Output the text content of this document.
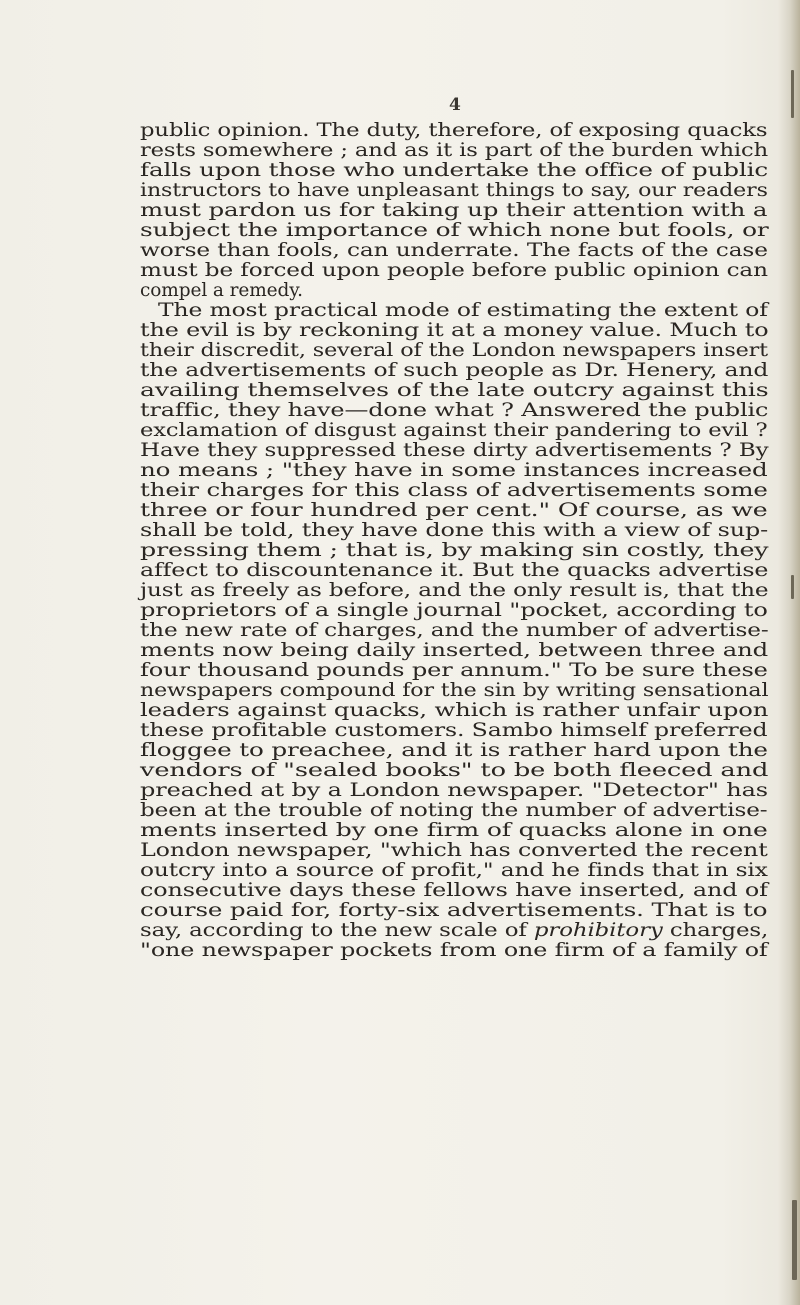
4
public opinion. The duty, therefore, of exposing quacks
rests somewhere ; and as it is part of the burden which
falls upon those who undertake the office of public
instructors to have unpleasant things to say, our readers
must pardon us for taking up their attention with a
subject the importance of which none but fools, or
worse than fools, can underrate. The facts of the case
must be forced upon people before public opinion can
compel a remedy.
The most practical mode of estimating the extent of
the evil is by reckoning it at a money value. Much to
their discredit, several of the London newspapers insert
the advertisements of such people as Dr. Henery, and
availing themselves of the late outcry against this
traffic, they have—done what ? Answered the public
exclamation of disgust against their pandering to evil ?
Have they suppressed these dirty advertisements ? By
no means ; "they have in some instances increased
their charges for this class of advertisements some
three or four hundred per cent." Of course, as we
shall be told, they have done this with a view of sup-
pressing them ; that is, by making sin costly, they
affect to discountenance it. But the quacks advertise
just as freely as before, and the only result is, that the
proprietors of a single journal "pocket, according to
the new rate of charges, and the number of advertise-
ments now being daily inserted, between three and
four thousand pounds per annum." To be sure these
newspapers compound for the sin by writing sensational
leaders against quacks, which is rather unfair upon
these profitable customers. Sambo himself preferred
floggee to preachee, and it is rather hard upon the
vendors of "sealed books" to be both fleeced and
preached at by a London newspaper. "Detector" has
been at the trouble of noting the number of advertise-
ments inserted by one firm of quacks alone in one
London newspaper, "which has converted the recent
outcry into a source of profit," and he finds that in six
consecutive days these fellows have inserted, and of
course paid for, forty-six advertisements. That is to
say, according to the new scale of prohibitory charges,
"one newspaper pockets from one firm of a family of
